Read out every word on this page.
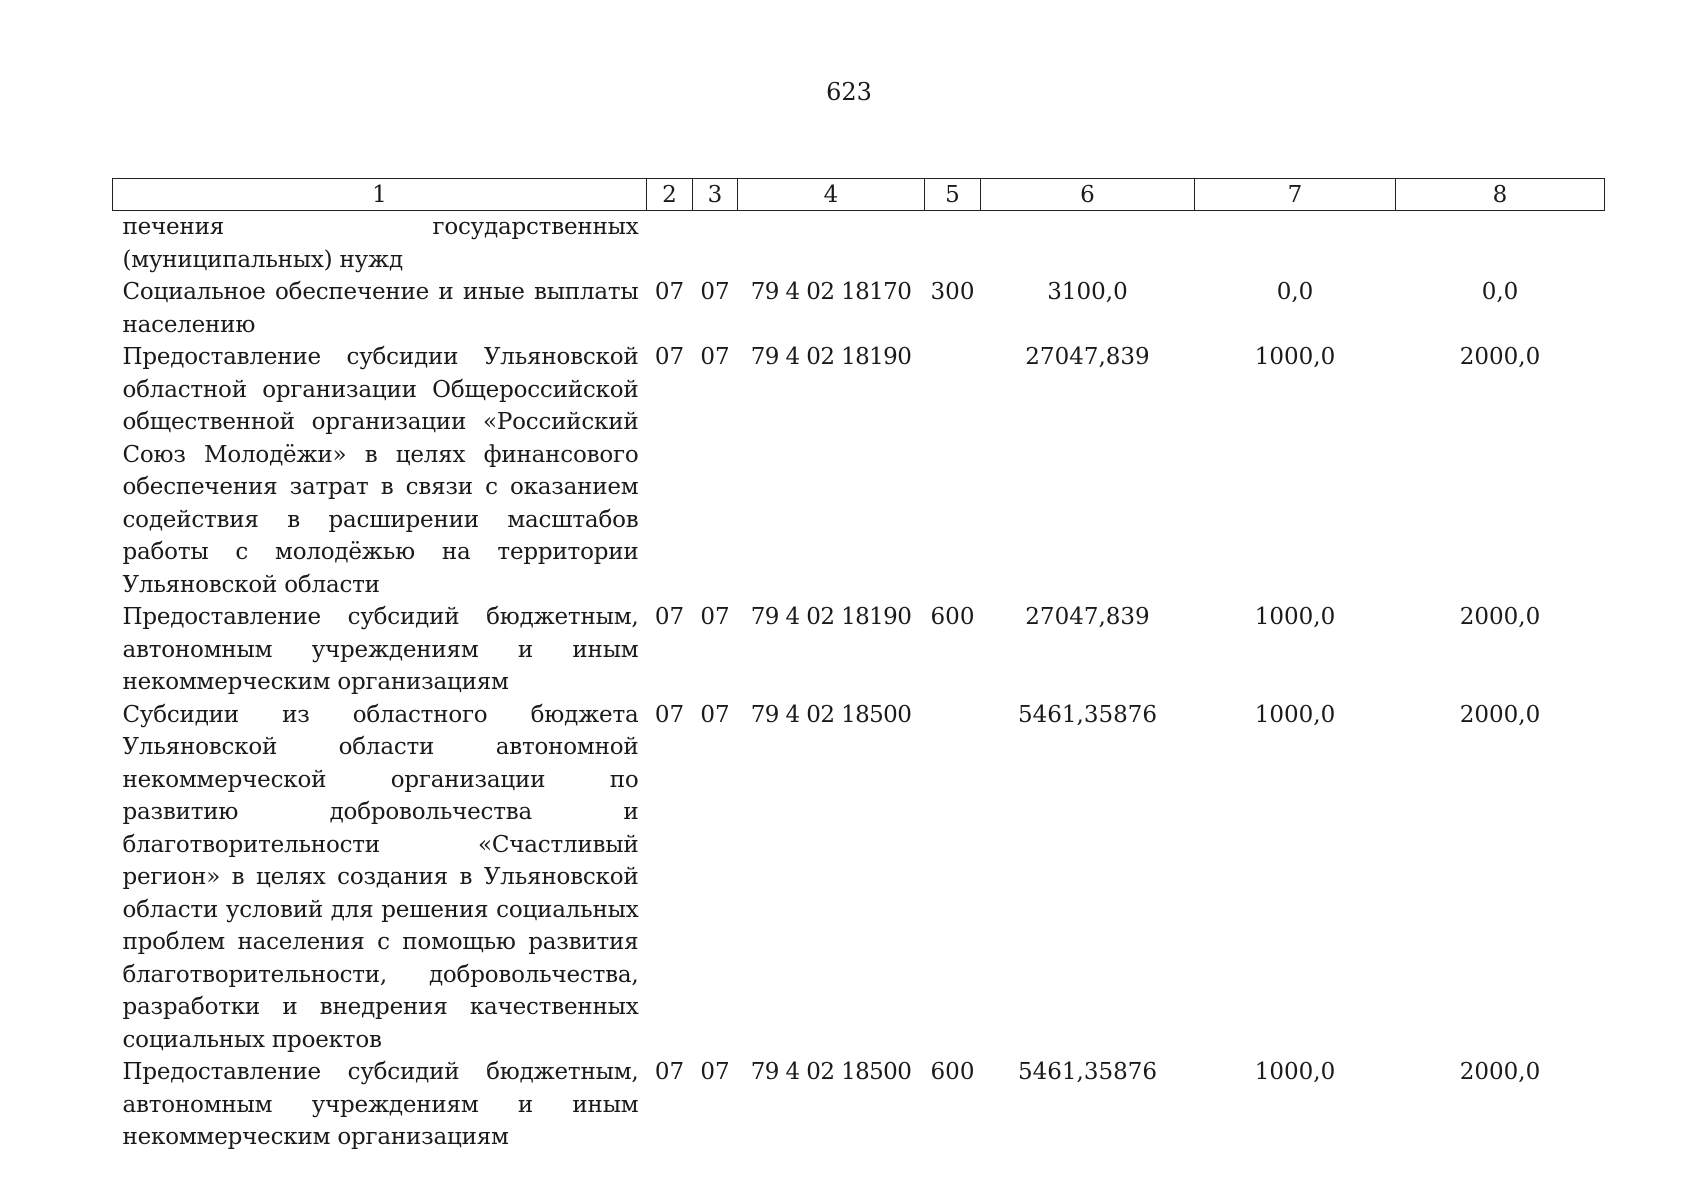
623
1	2	3	4	5	6	7	8
печения государственных (муниципальных) нужд							
Социальное обеспечение и иные выплаты населению	07	07	79 4 02 18170	300	3100,0	0,0	0,0
Предоставление субсидии Ульяновской областной организации Общероссийской общественной организации «Российский Союз Молодёжи» в целях финансового обеспечения затрат в связи с оказанием содействия в расширении масштабов работы с молодёжью на территории Ульяновской области	07	07	79 4 02 18190		27047,839	1000,0	2000,0
Предоставление субсидий бюджетным, автономным учреждениям и иным некоммерческим организациям	07	07	79 4 02 18190	600	27047,839	1000,0	2000,0
Субсидии из областного бюджета Ульяновской области автономной некоммерческой организации по развитию добровольчества и благотворительности «Счастливый регион» в целях создания в Ульяновской области условий для решения социальных проблем населения с помощью развития благотворительности, добровольчества, разработки и внедрения качественных социальных проектов	07	07	79 4 02 18500		5461,35876	1000,0	2000,0
Предоставление субсидий бюджетным, автономным учреждениям и иным некоммерческим организациям	07	07	79 4 02 18500	600	5461,35876	1000,0	2000,0
